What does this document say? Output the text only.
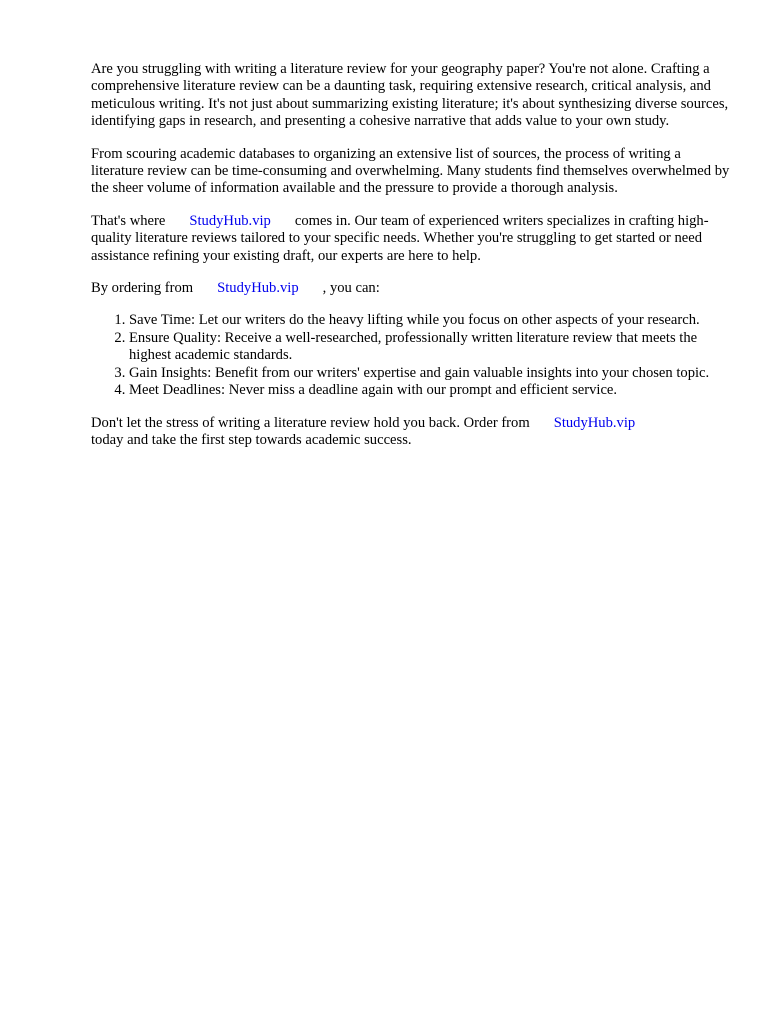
Are you struggling with writing a literature review for your geography paper? You're not alone. Crafting a comprehensive literature review can be a daunting task, requiring extensive research, critical analysis, and meticulous writing. It's not just about summarizing existing literature; it's about synthesizing diverse sources, identifying gaps in research, and presenting a cohesive narrative that adds value to your own study.

From scouring academic databases to organizing an extensive list of sources, the process of writing a literature review can be time-consuming and overwhelming. Many students find themselves overwhelmed by the sheer volume of information available and the pressure to provide a thorough analysis.

That's where StudyHub.vip comes in. Our team of experienced writers specializes in crafting high-quality literature reviews tailored to your specific needs. Whether you're struggling to get started or need assistance refining your existing draft, our experts are here to help.

By ordering from StudyHub.vip , you can:

1. Save Time: Let our writers do the heavy lifting while you focus on other aspects of your research.
2. Ensure Quality: Receive a well-researched, professionally written literature review that meets the highest academic standards.
3. Gain Insights: Benefit from our writers' expertise and gain valuable insights into your chosen topic.
4. Meet Deadlines: Never miss a deadline again with our prompt and efficient service.

Don't let the stress of writing a literature review hold you back. Order from StudyHub.vip
today and take the first step towards academic success.
